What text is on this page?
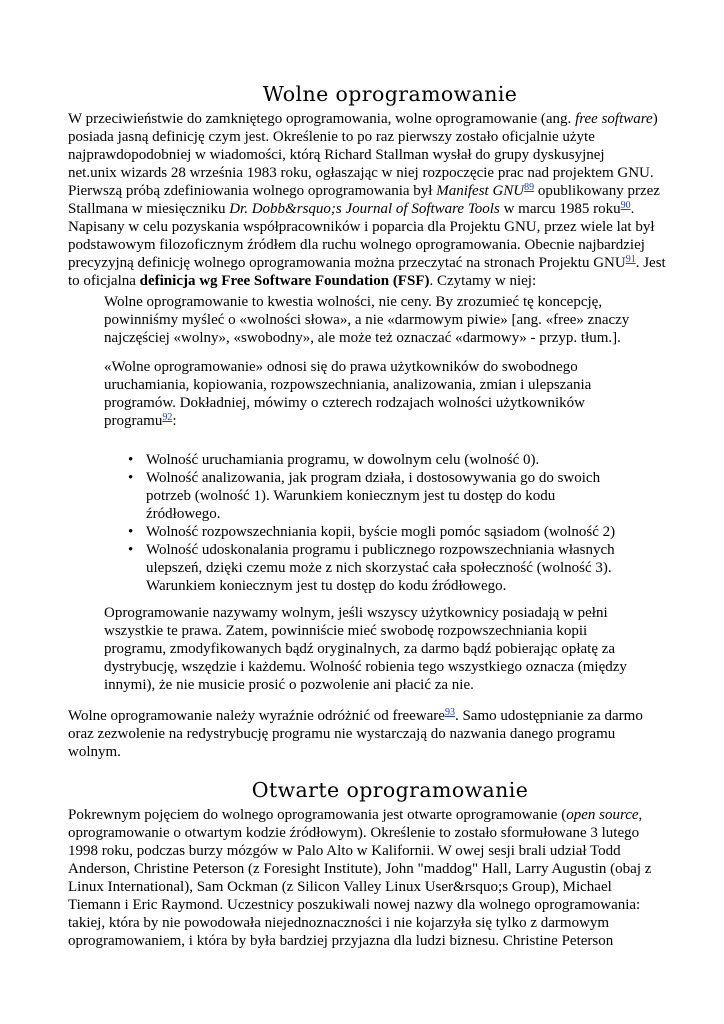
Wolne oprogramowanie
W przeciwieństwie do zamkniętego oprogramowania, wolne oprogramowanie (ang. free software)
posiada jasną definicję czym jest. Określenie to po raz pierwszy zostało oficjalnie użyte
najprawdopodobniej w wiadomości, którą Richard Stallman wysłał do grupy dyskusyjnej
net.unix wizards 28 września 1983 roku, ogłaszając w niej rozpoczęcie prac nad projektem GNU.
Pierwszą próbą zdefiniowania wolnego oprogramowania był Manifest GNU$^{89}$ opublikowany przez
Stallmana w miesięczniku Dr. Dobb&rsquo;s Journal of Software Tools w marcu 1985 roku$^{90}$.
Napisany w celu pozyskania współpracowników i poparcia dla Projektu GNU, przez wiele lat był
podstawowym filozoficznym źródłem dla ruchu wolnego oprogramowania. Obecnie najbardziej
precyzyjną definicję wolnego oprogramowania można przeczytać na stronach Projektu GNU$^{91}$. Jest
to oficjalna definicja wg Free Software Foundation (FSF). Czytamy w niej:
Wolne oprogramowanie to kwestia wolności, nie ceny. By zrozumieć tę koncepcję,
powinniśmy myśleć o «wolności słowa», a nie «darmowym piwie» [ang. «free» znaczy
najczęściej «wolny», «swobodny», ale może też oznaczać «darmowy» - przyp. tłum.].
«Wolne oprogramowanie» odnosi się do prawa użytkowników do swobodnego
uruchamiania, kopiowania, rozpowszechniania, analizowania, zmian i ulepszania
programów. Dokładniej, mówimy o czterech rodzajach wolności użytkowników
programu$^{92}$:
• Wolność uruchamiania programu, w dowolnym celu (wolność 0).
• Wolność analizowania, jak program działa, i dostosowywania go do swoich
potrzeb (wolność 1). Warunkiem koniecznym jest tu dostęp do kodu
źródłowego.
• Wolność rozpowszechniania kopii, byście mogli pomóc sąsiadom (wolność 2)
• Wolność udoskonalania programu i publicznego rozpowszechniania własnych
ulepszeń, dzięki czemu może z nich skorzystać cała społeczność (wolność 3).
Warunkiem koniecznym jest tu dostęp do kodu źródłowego.
Oprogramowanie nazywamy wolnym, jeśli wszyscy użytkownicy posiadają w pełni
wszystkie te prawa. Zatem, powinniście mieć swobodę rozpowszechniania kopii
programu, zmodyfikowanych bądź oryginalnych, za darmo bądź pobierając opłatę za
dystrybucję, wszędzie i każdemu. Wolność robienia tego wszystkiego oznacza (między
innymi), że nie musicie prosić o pozwolenie ani płacić za nie.
Wolne oprogramowanie należy wyraźnie odróżnić od freeware$^{93}$. Samo udostępnianie za darmo
oraz zezwolenie na redystrybucję programu nie wystarczają do nazwania danego programu
wolnym.
Otwarte oprogramowanie
Pokrewnym pojęciem do wolnego oprogramowania jest otwarte oprogramowanie (open source,
oprogramowanie o otwartym kodzie źródłowym). Określenie to zostało sformułowane 3 lutego
1998 roku, podczas burzy mózgów w Palo Alto w Kalifornii. W owej sesji brali udział Todd
Anderson, Christine Peterson (z Foresight Institute), John "maddog" Hall, Larry Augustin (obaj z
Linux International), Sam Ockman (z Silicon Valley Linux User&rsquo;s Group), Michael
Tiemann i Eric Raymond. Uczestnicy poszukiwali nowej nazwy dla wolnego oprogramowania:
takiej, która by nie powodowała niejednoznaczności i nie kojarzyła się tylko z darmowym
oprogramowaniem, i która by była bardziej przyjazna dla ludzi biznesu. Christine Peterson
